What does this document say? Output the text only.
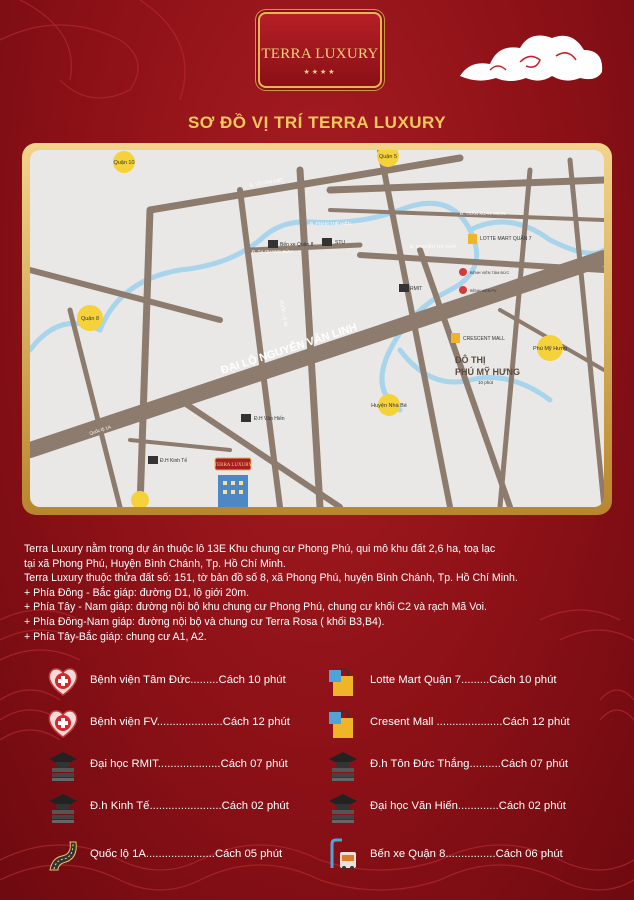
TERRA LUXURY
★★★★
SƠ ĐỒ VỊ TRÍ TERRA LUXURY
Quận 10
Quận 5
Quận 8
Huyện Nhà Bè
Phú Mỹ Hưng
ĐẠI LỘ NGUYỄN VĂN LINH
Đ. VÕ VĂN KIỆT
Đ. PHẠM THẾ HIỂN
Đ. TẠ QUANG BỬU
Đ. NGUYỄN THỊ THẬP
Đ. TRẦN XUÂN SOẠN
QUỐC LỘ 50
Quốc lộ 1A
Bến xe Quận 8	STU
LOTTE MART QUẬN 7
BỆNH VIỆN TÂM ĐỨC
BỆNH VIỆN FV
RMIT
CRESCENT MALL
Đ.H Văn Hiến
Đ.H Kinh Tế
ĐÔ THỊ
PHÚ MỸ HƯNG
10 phút
TERRA LUXURY
Terra Luxury nằm trong dự án thuộc lô 13E Khu chung cư Phong Phú, qui mô khu đất 2,6 ha, toạ lạc
tại xã Phong Phú, Huyện Bình Chánh, Tp. Hồ Chí Minh.
Terra Luxury thuộc thửa đất số: 151, tờ bản đồ số 8, xã Phong Phú, huyện Bình Chánh, Tp. Hồ Chí Minh.
+ Phía Đông - Bắc giáp: đường D1, lộ giới 20m.
+ Phía Tây - Nam giáp: đường nội bộ khu chung cư Phong Phú, chung cư khối C2 và rạch Mã Voi.
+ Phía Đông-Nam giáp: đường nội bộ và chung cư Terra Rosa ( khối B3,B4).
+ Phía Tây-Bắc giáp: chung cư A1, A2.
Bệnh viện Tâm Đức.........Cách 10 phút
Bệnh viện FV.....................Cách 12 phút
Đại học RMIT....................Cách 07 phút
Đ.h Kinh Tế.......................Cách 02 phút
Quốc lộ 1A......................Cách 05 phút
Lotte Mart Quận 7.........Cách 10 phút
Cresent Mall .....................Cách 12 phút
Đ.h Tôn Đức Thắng..........Cách 07 phút
Đại học Văn Hiến.............Cách 02 phút
Bến xe Quận 8................Cách 06 phút
